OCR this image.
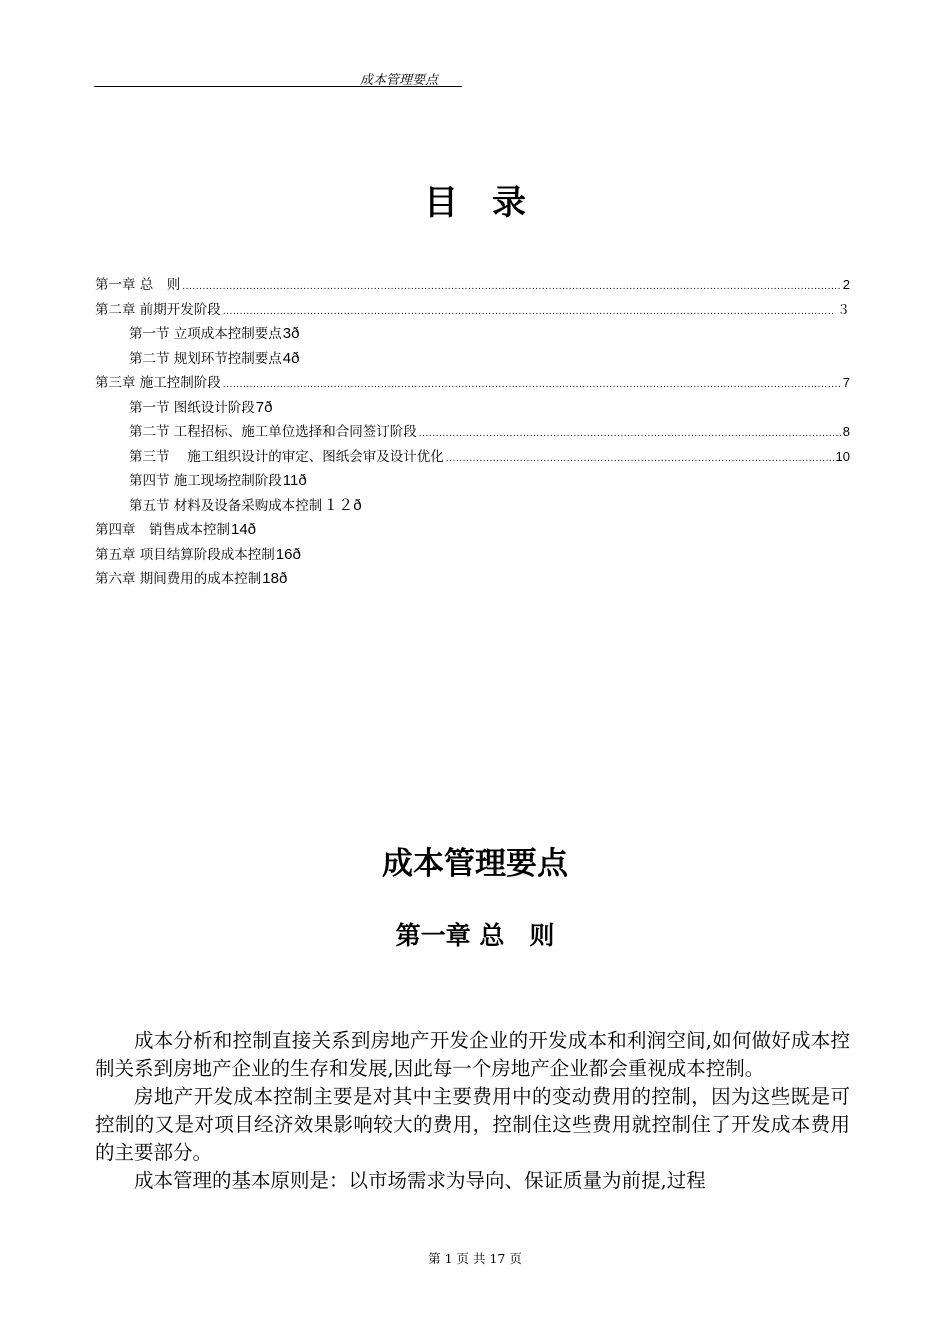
成本管理要点
目录
第一章 总　则 .....	2
第二章 前期开发阶段 .....	３
第一节 立项成本控制要点 3ð
第二节 规划环节控制要点 4ð
第三章 施工控制阶段 .....	7
第一节 图纸设计阶段 7ð
第二节 工程招标、施工单位选择和合同签订阶段 .....	8
第三节　 施工组织设计的审定、图纸会审及设计优化 .....	10
第四节 施工现场控制阶段 11ð
第五节 材料及设备采购成本控制 １２ð
第四章　销售成本控制 14ð
第五章 项目结算阶段成本控制 16ð
第六章 期间费用的成本控制 18ð
成本管理要点
第一章 总　则

成本分析和控制直接关系到房地产开发企业的开发成本和利润空间,如何做好成本控制关系到房地产企业的生存和发展,因此每一个房地产企业都会重视成本控制。

房地产开发成本控制主要是对其中主要费用中的变动费用的控制，因为这些既是可控制的又是对项目经济效果影响较大的费用，控制住这些费用就控制住了开发成本费用的主要部分。

成本管理的基本原则是：以市场需求为导向、保证质量为前提,过程

第 1 页 共 17 页
